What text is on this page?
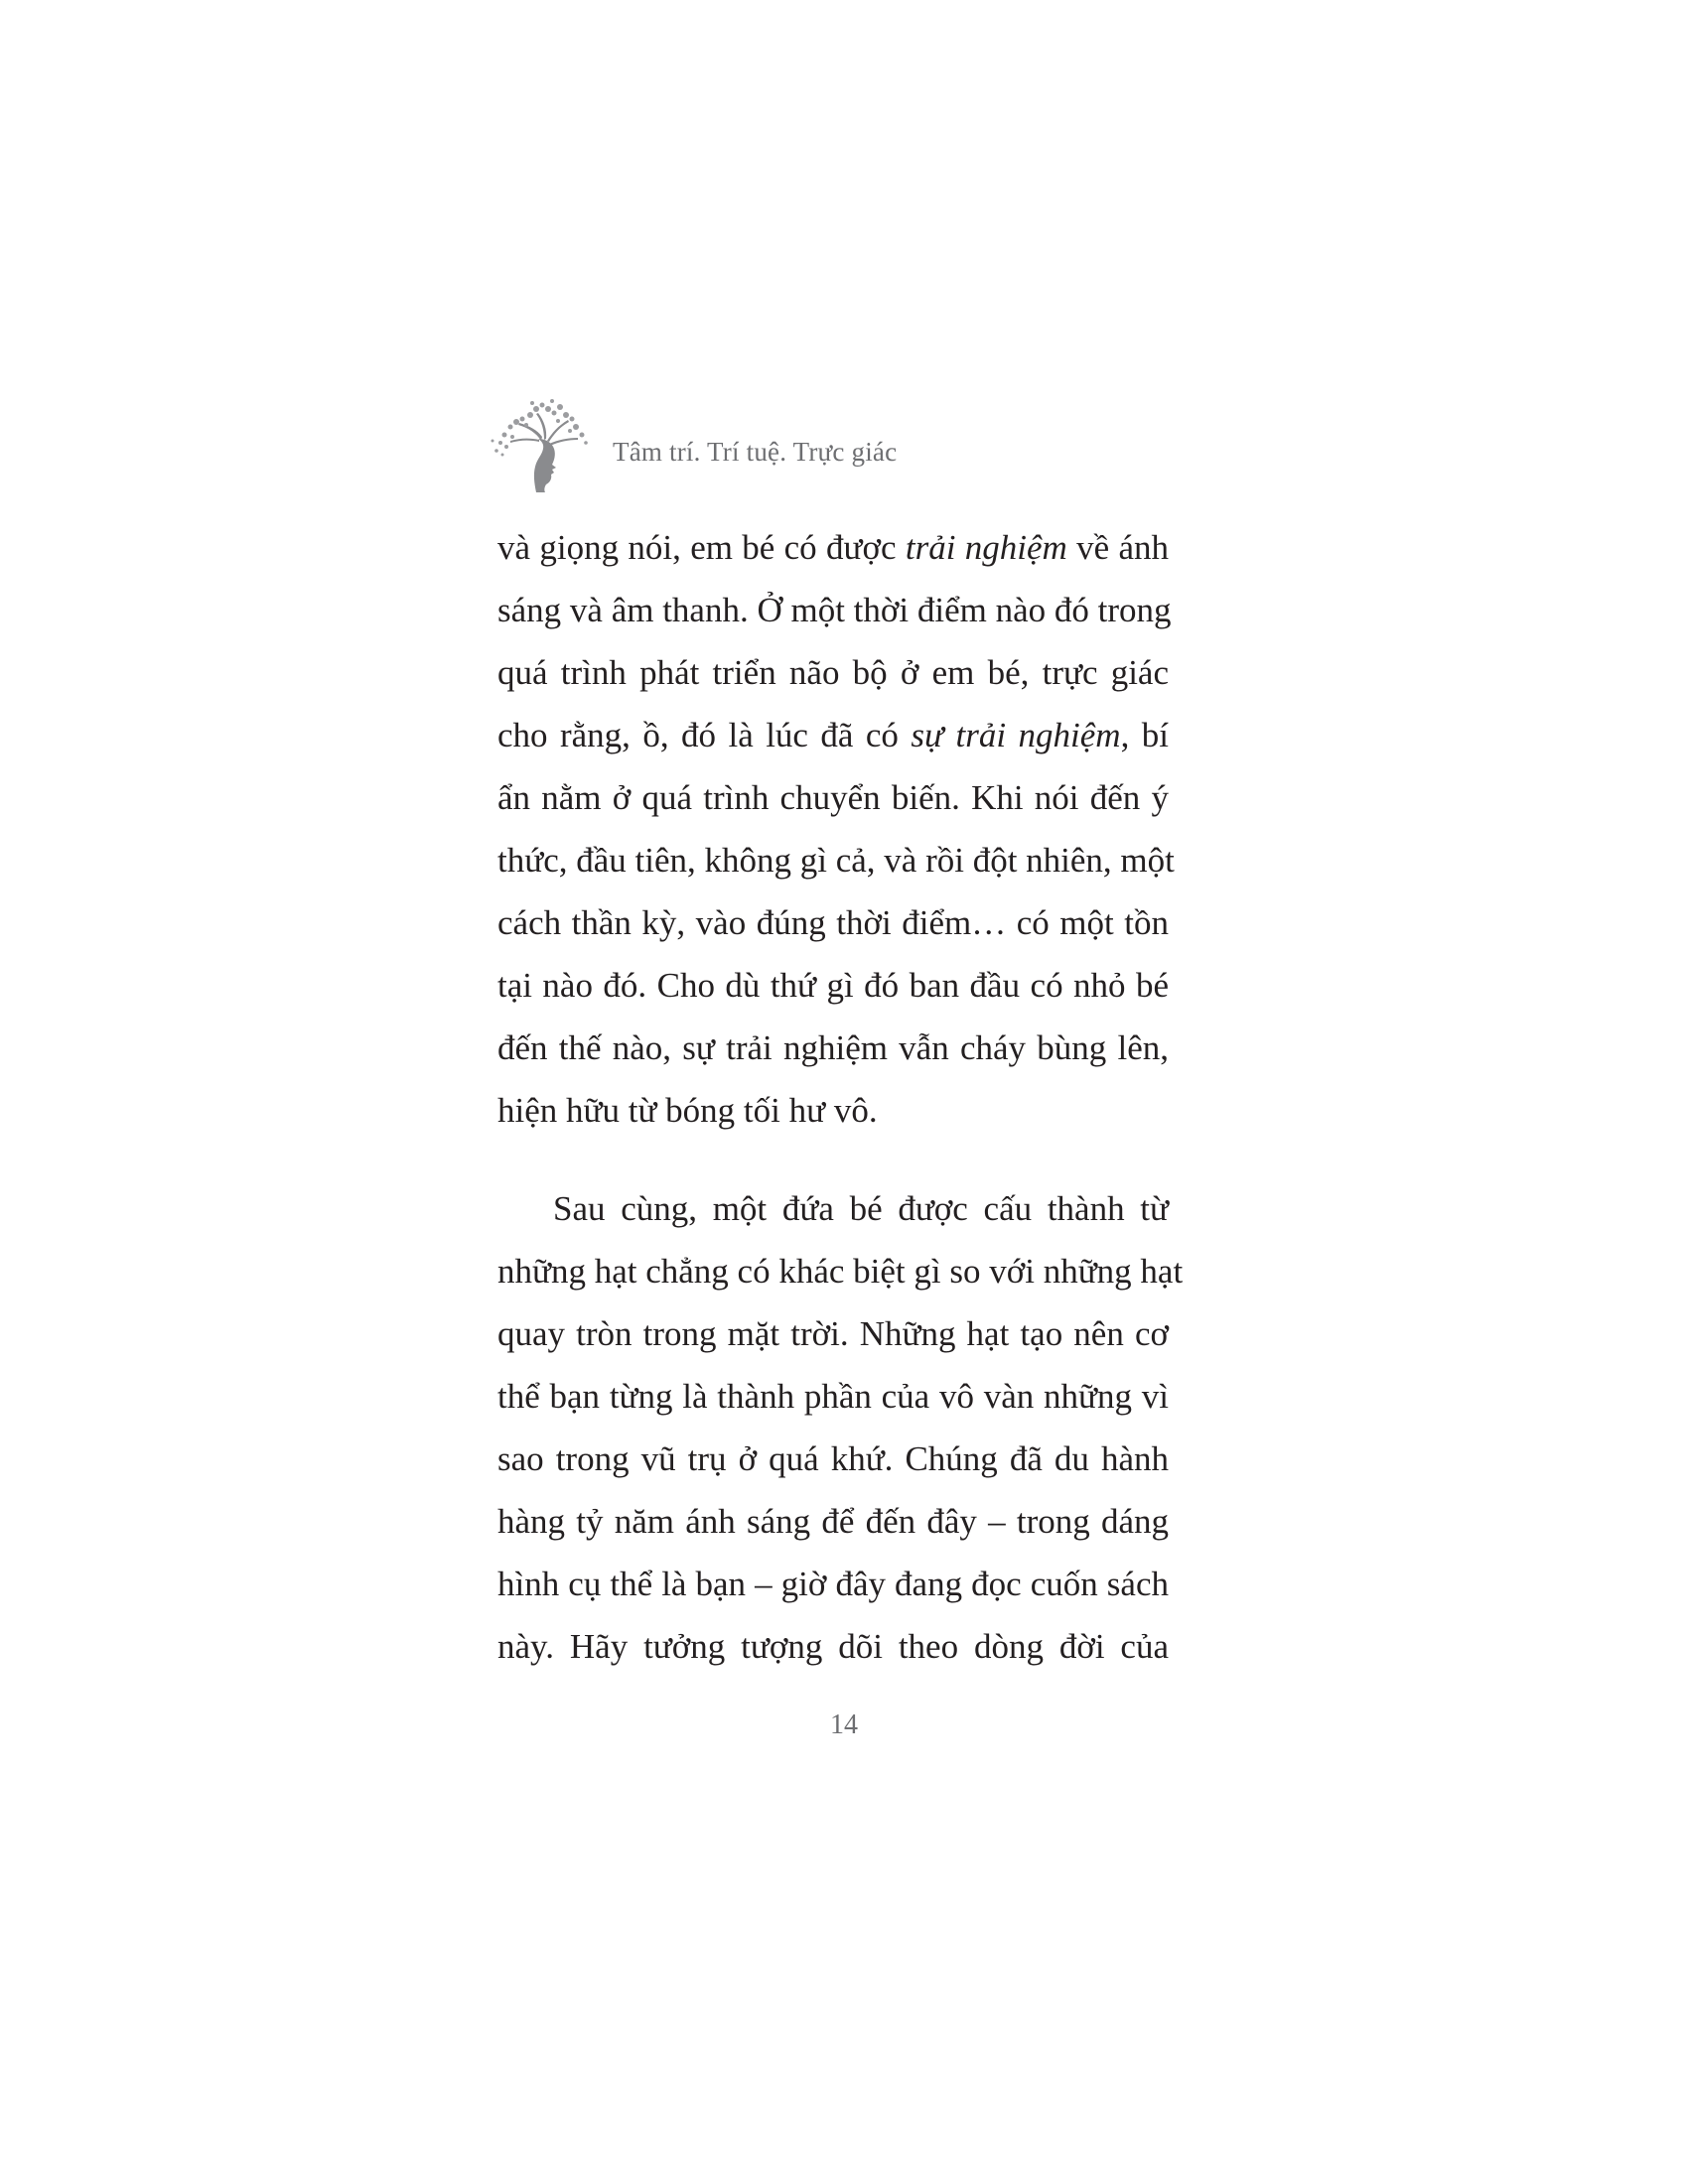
Tâm trí. Trí tuệ. Trực giác
và giọng nói, em bé có được trải nghiệm về ánh
sáng và âm thanh. Ở một thời điểm nào đó trong
quá trình phát triển não bộ ở em bé, trực giác
cho rằng, ồ, đó là lúc đã có sự trải nghiệm, bí
ẩn nằm ở quá trình chuyển biến. Khi nói đến ý
thức, đầu tiên, không gì cả, và rồi đột nhiên, một
cách thần kỳ, vào đúng thời điểm… có một tồn
tại nào đó. Cho dù thứ gì đó ban đầu có nhỏ bé
đến thế nào, sự trải nghiệm vẫn cháy bùng lên,
hiện hữu từ bóng tối hư vô.
Sau cùng, một đứa bé được cấu thành từ
những hạt chẳng có khác biệt gì so với những hạt
quay tròn trong mặt trời. Những hạt tạo nên cơ
thể bạn từng là thành phần của vô vàn những vì
sao trong vũ trụ ở quá khứ. Chúng đã du hành
hàng tỷ năm ánh sáng để đến đây – trong dáng
hình cụ thể là bạn – giờ đây đang đọc cuốn sách
này. Hãy tưởng tượng dõi theo dòng đời của
14
